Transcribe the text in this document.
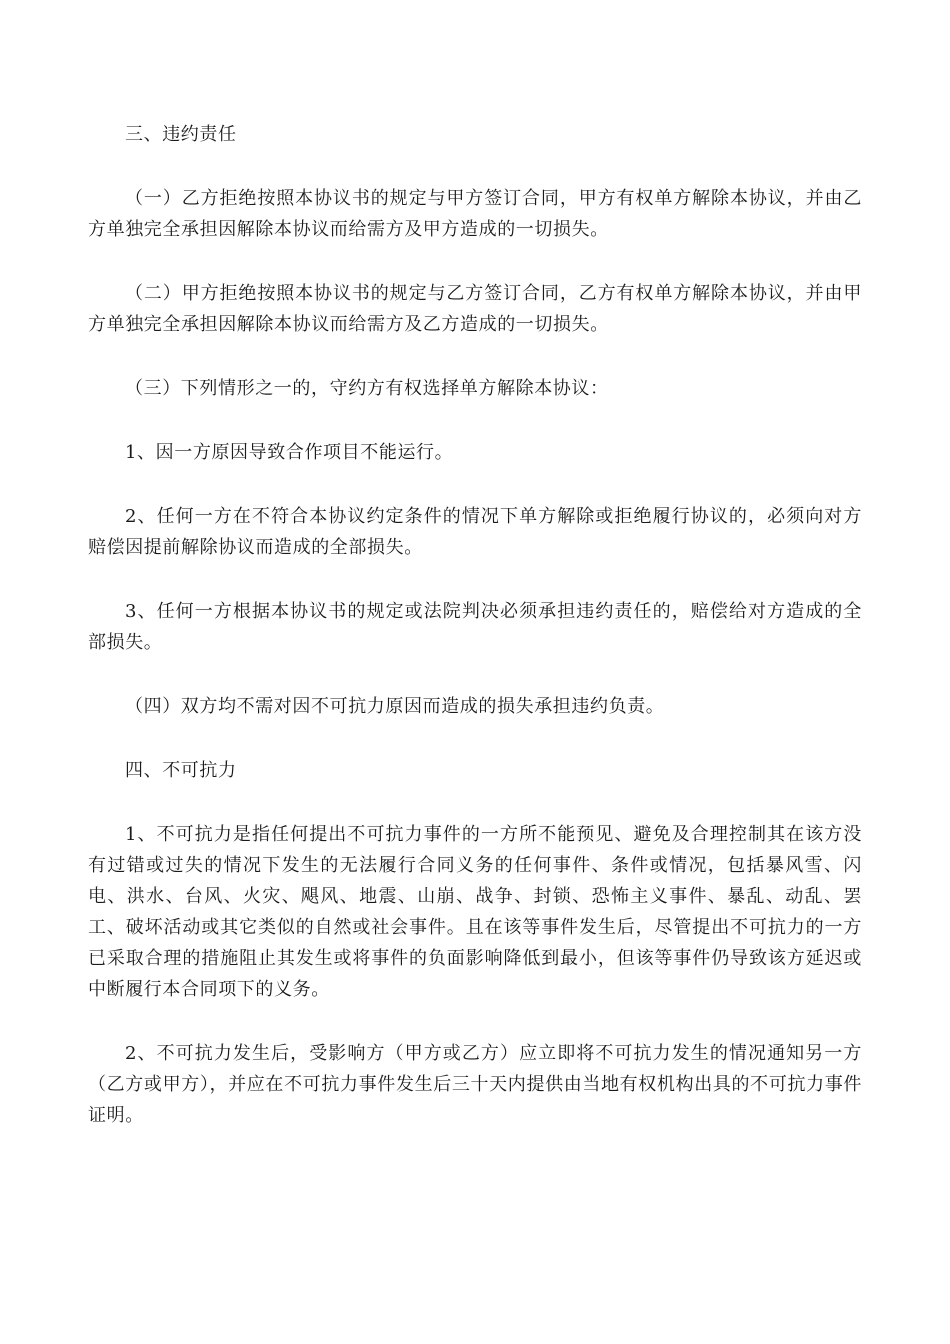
三、违约责任

（一）乙方拒绝按照本协议书的规定与甲方签订合同，甲方有权单方解除本协议，并由乙方单独完全承担因解除本协议而给需方及甲方造成的一切损失。

（二）甲方拒绝按照本协议书的规定与乙方签订合同，乙方有权单方解除本协议，并由甲方单独完全承担因解除本协议而给需方及乙方造成的一切损失。

（三）下列情形之一的，守约方有权选择单方解除本协议：

1、因一方原因导致合作项目不能运行。

2、任何一方在不符合本协议约定条件的情况下单方解除或拒绝履行协议的，必须向对方赔偿因提前解除协议而造成的全部损失。

3、任何一方根据本协议书的规定或法院判决必须承担违约责任的，赔偿给对方造成的全部损失。

（四）双方均不需对因不可抗力原因而造成的损失承担违约负责。

四、不可抗力

1、不可抗力是指任何提出不可抗力事件的一方所不能预见、避免及合理控制其在该方没有过错或过失的情况下发生的无法履行合同义务的任何事件、条件或情况，包括暴风雪、闪电、洪水、台风、火灾、飓风、地震、山崩、战争、封锁、恐怖主义事件、暴乱、动乱、罢工、破坏活动或其它类似的自然或社会事件。且在该等事件发生后，尽管提出不可抗力的一方已采取合理的措施阻止其发生或将事件的负面影响降低到最小，但该等事件仍导致该方延迟或中断履行本合同项下的义务。

2、不可抗力发生后，受影响方（甲方或乙方）应立即将不可抗力发生的情况通知另一方（乙方或甲方），并应在不可抗力事件发生后三十天内提供由当地有权机构出具的不可抗力事件证明。
